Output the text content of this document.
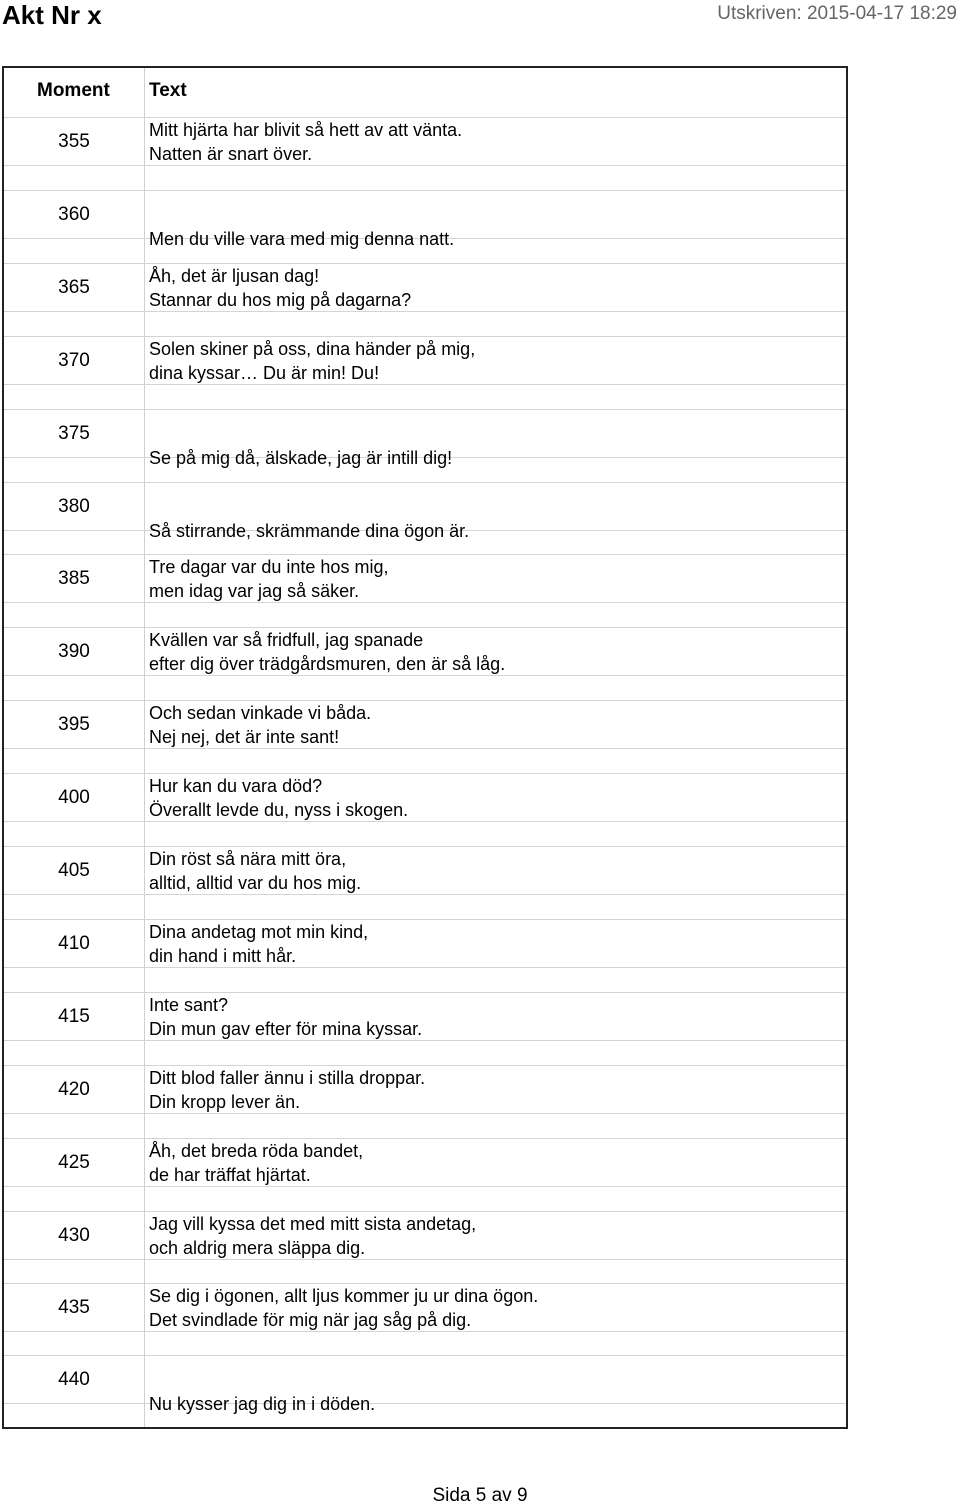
Akt Nr x	Utskriven: 2015-04-17 18:29
Moment Text
355
Mitt hjärta har blivit så hett av att vänta.
Natten är snart över.
360
Men du ville vara med mig denna natt.
365
Åh, det är ljusan dag!
Stannar du hos mig på dagarna?
370
Solen skiner på oss, dina händer på mig,
dina kyssar… Du är min! Du!
375
Se på mig då, älskade, jag är intill dig!
380
Så stirrande, skrämmande dina ögon är.
385
Tre dagar var du inte hos mig,
men idag var jag så säker.
390
Kvällen var så fridfull, jag spanade
efter dig över trädgårdsmuren, den är så låg.
395
Och sedan vinkade vi båda.
Nej nej, det är inte sant!
400
Hur kan du vara död?
Överallt levde du, nyss i skogen.
405
Din röst så nära mitt öra,
alltid, alltid var du hos mig.
410
Dina andetag mot min kind,
din hand i mitt hår.
415
Inte sant?
Din mun gav efter för mina kyssar.
420
Ditt blod faller ännu i stilla droppar.
Din kropp lever än.
425
Åh, det breda röda bandet,
de har träffat hjärtat.
430
Jag vill kyssa det med mitt sista andetag,
och aldrig mera släppa dig.
435
Se dig i ögonen, allt ljus kommer ju ur dina ögon.
Det svindlade för mig när jag såg på dig.
440
Nu kysser jag dig in i döden.
Sida 5 av 9
